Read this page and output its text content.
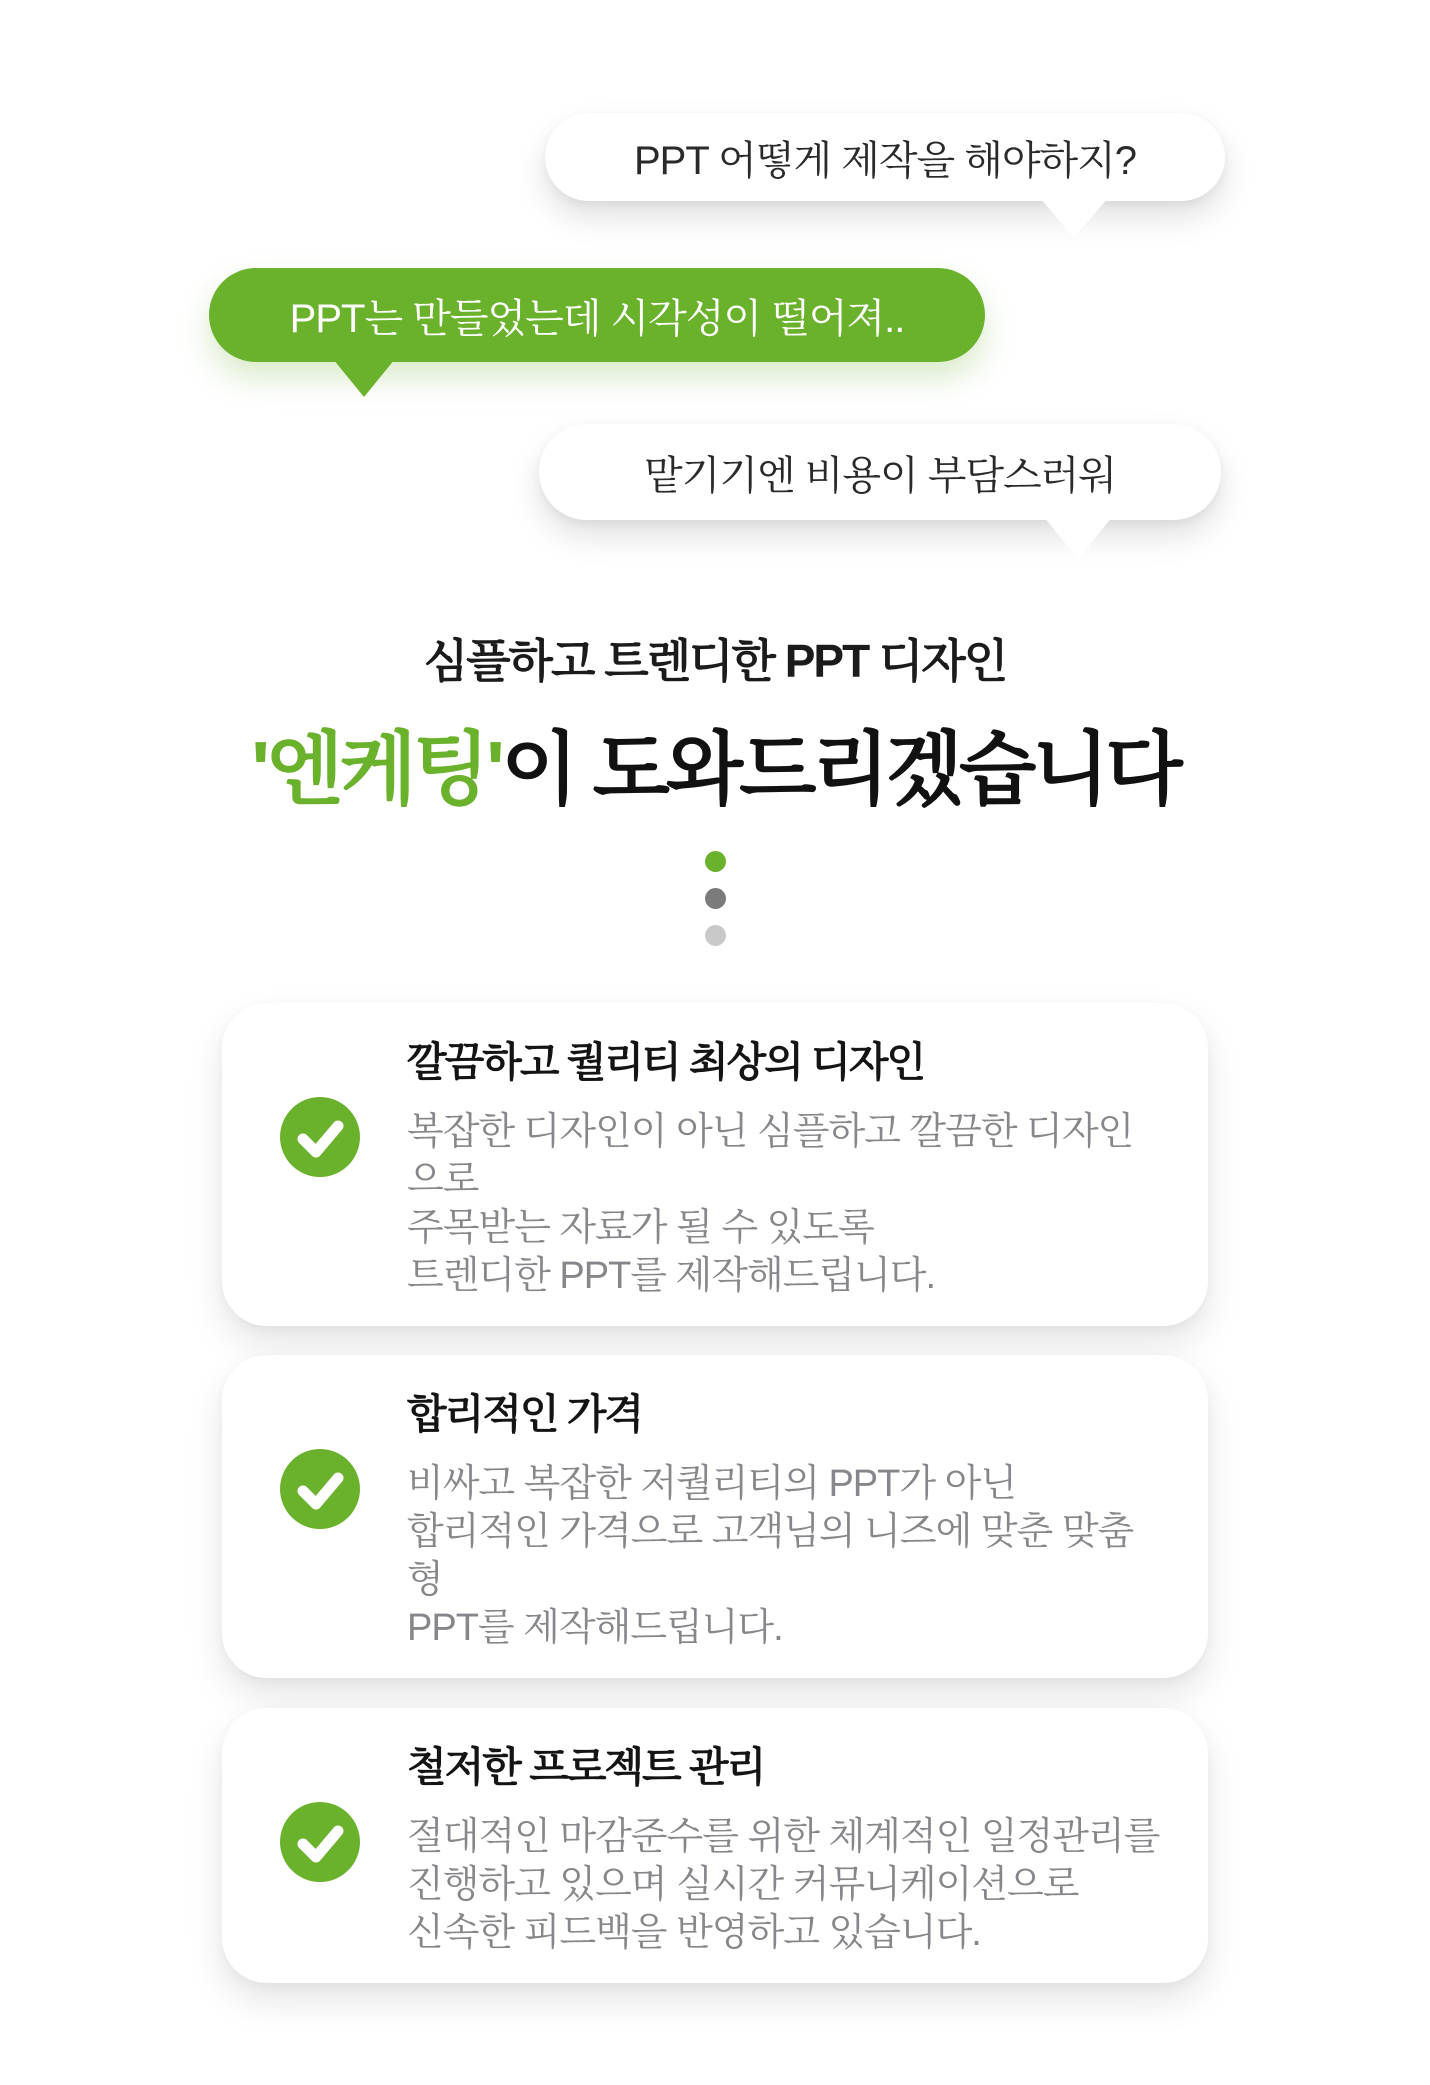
PPT 어떻게 제작을 해야하지?
PPT는 만들었는데 시각성이 떨어져..
맡기기엔 비용이 부담스러워

심플하고 트렌디한 PPT 디자인

'엔케팅'이 도와드리겠습니다

깔끔하고 퀄리티 최상의 디자인
복잡한 디자인이 아닌 심플하고 깔끔한 디자인으로
주목받는 자료가 될 수 있도록
트렌디한 PPT를 제작해드립니다.
합리적인 가격
비싸고 복잡한 저퀄리티의 PPT가 아닌
합리적인 가격으로 고객님의 니즈에 맞춘 맞춤형
PPT를 제작해드립니다.
철저한 프로젝트 관리
절대적인 마감준수를 위한 체계적인 일정관리를
진행하고 있으며 실시간 커뮤니케이션으로
신속한 피드백을 반영하고 있습니다.
